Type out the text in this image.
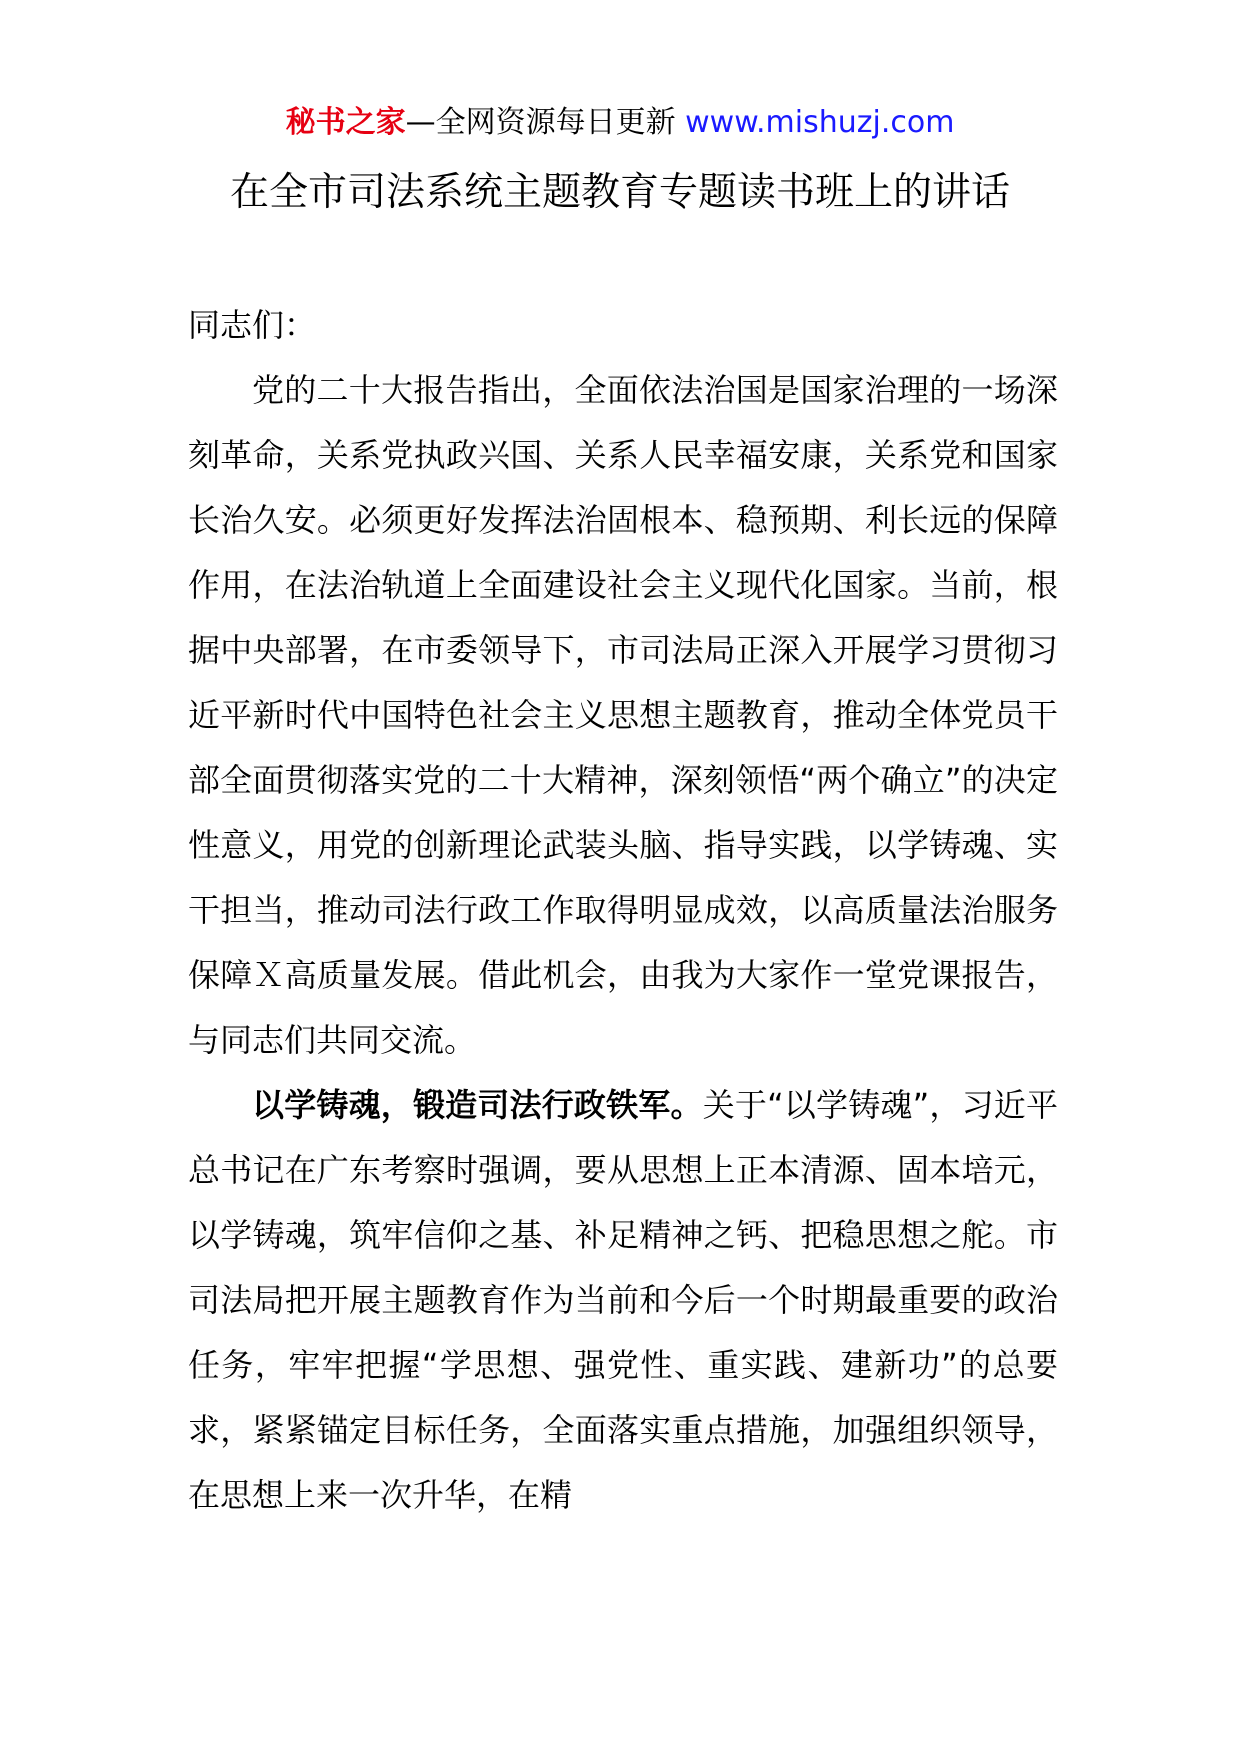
秘书之家—全网资源每日更新 www.mishuzj.com
在全市司法系统主题教育专题读书班上的讲话

同志们：

党的二十大报告指出，全面依法治国是国家治理的一场深刻革命，关系党执政兴国、关系人民幸福安康，关系党和国家长治久安。必须更好发挥法治固根本、稳预期、利长远的保障作用，在法治轨道上全面建设社会主义现代化国家。当前，根据中央部署，在市委领导下，市司法局正深入开展学习贯彻习近平新时代中国特色社会主义思想主题教育，推动全体党员干部全面贯彻落实党的二十大精神，深刻领悟“两个确立”的决定性意义，用党的创新理论武装头脑、指导实践，以学铸魂、实干担当，推动司法行政工作取得明显成效，以高质量法治服务保障Ｘ高质量发展。借此机会，由我为大家作一堂党课报告，与同志们共同交流。

以学铸魂，锻造司法行政铁军。关于“以学铸魂”，习近平总书记在广东考察时强调，要从思想上正本清源、固本培元，以学铸魂，筑牢信仰之基、补足精神之钙、把稳思想之舵。市司法局把开展主题教育作为当前和今后一个时期最重要的政治任务，牢牢把握“学思想、强党性、重实践、建新功”的总要求，紧紧锚定目标任务，全面落实重点措施，加强组织领导，在思想上来一次升华，在精
